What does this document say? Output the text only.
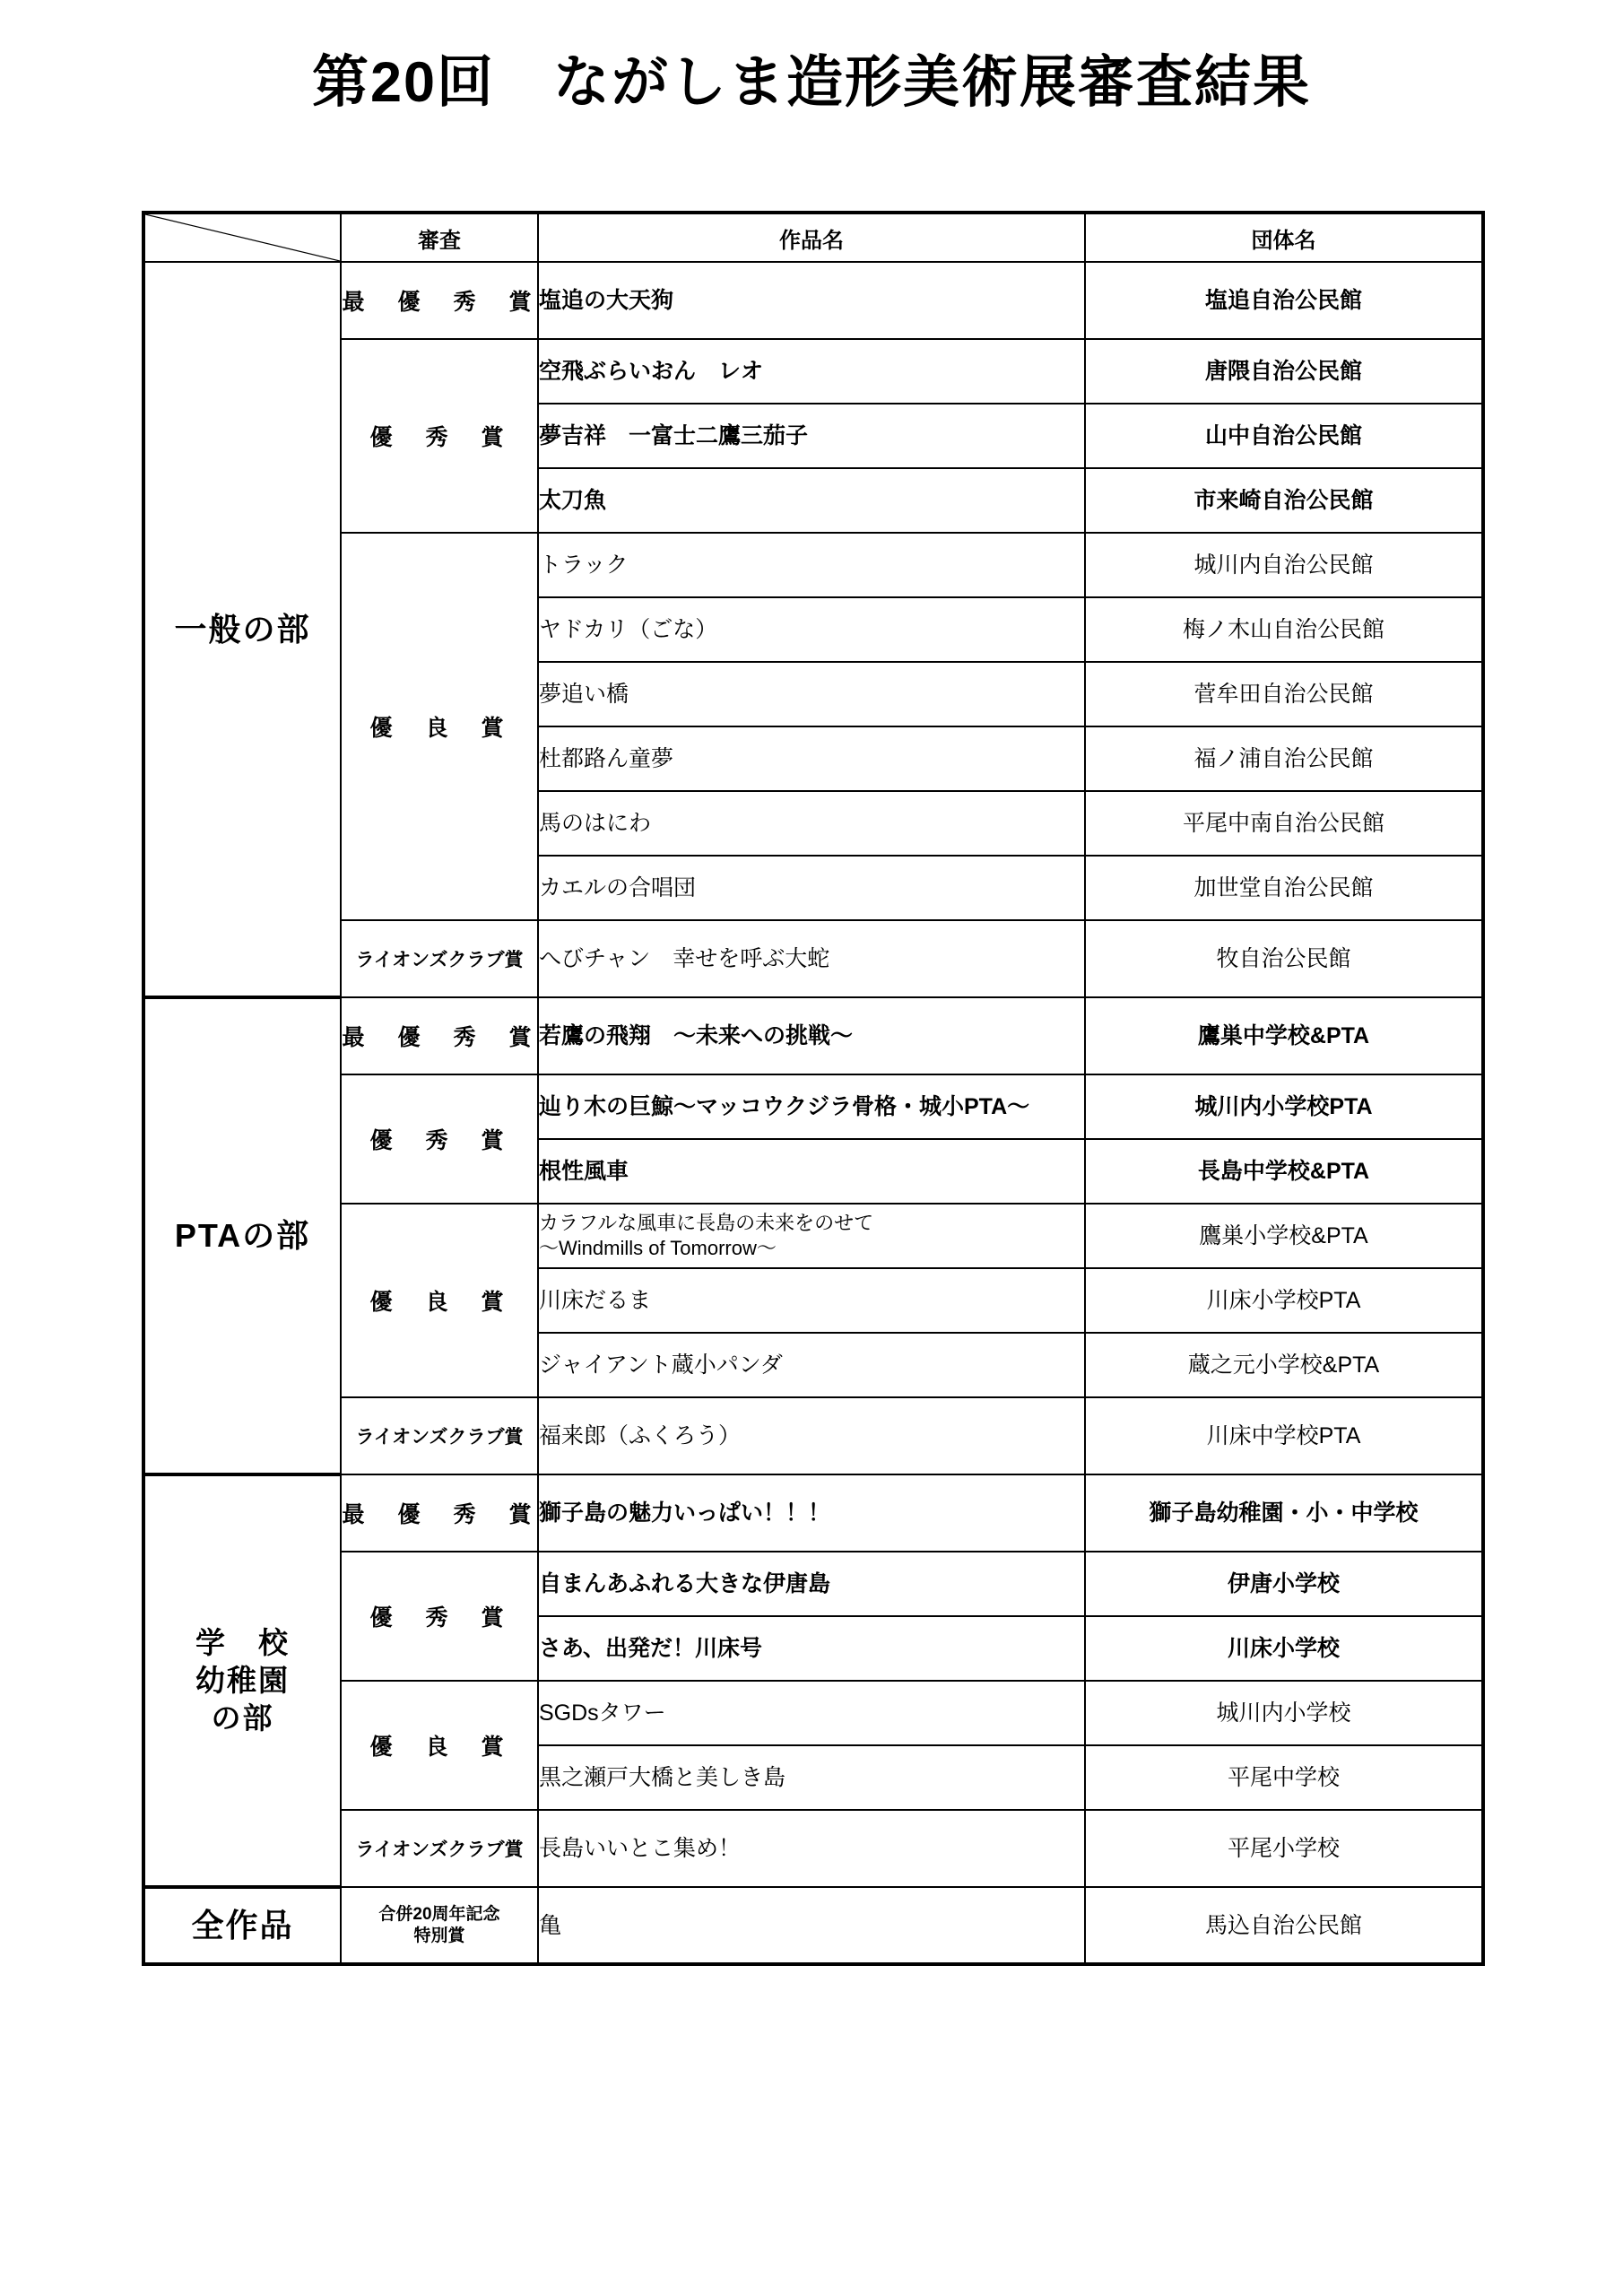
第20回　ながしま造形美術展審査結果
	審査	作品名	団体名
一般の部	最　優　秀　賞	塩追の大天狗	塩追自治公民館
	優　秀　賞	空飛ぶらいおん　レオ	唐隈自治公民館
		夢吉祥　一富士二鷹三茄子	山中自治公民館
		太刀魚	市来崎自治公民館
	優　良　賞	トラック	城川内自治公民館
		ヤドカリ（ごな）	梅ノ木山自治公民館
		夢追い橋	菅牟田自治公民館
		杜都路ん童夢	福ノ浦自治公民館
		馬のはにわ	平尾中南自治公民館
		カエルの合唱団	加世堂自治公民館
	ライオンズクラブ賞	へびチャン　幸せを呼ぶ大蛇	牧自治公民館
PTAの部	最　優　秀　賞	若鷹の飛翔　〜未来への挑戦〜	鷹巣中学校&PTA
	優　秀　賞	辿り木の巨鯨〜マッコウクジラ骨格・城小PTA〜	城川内小学校PTA
		根性風車	長島中学校&PTA
	優　良　賞	カラフルな風車に長島の未来をのせて
〜Windmills of Tomorrow〜	鷹巣小学校&PTA
		川床だるま	川床小学校PTA
		ジャイアント蔵小パンダ	蔵之元小学校&PTA
	ライオンズクラブ賞	福来郎（ふくろう）	川床中学校PTA
学　校
幼稚園
の部	最　優　秀　賞	獅子島の魅力いっぱい！！！	獅子島幼稚園・小・中学校
	優　秀　賞	自まんあふれる大きな伊唐島	伊唐小学校
		さあ、出発だ！川床号	川床小学校
	優　良　賞	SGDsタワー	城川内小学校
		黒之瀬戸大橋と美しき島	平尾中学校
	ライオンズクラブ賞	長島いいとこ集め！	平尾小学校
全作品	合併20周年記念
特別賞	亀	馬込自治公民館
